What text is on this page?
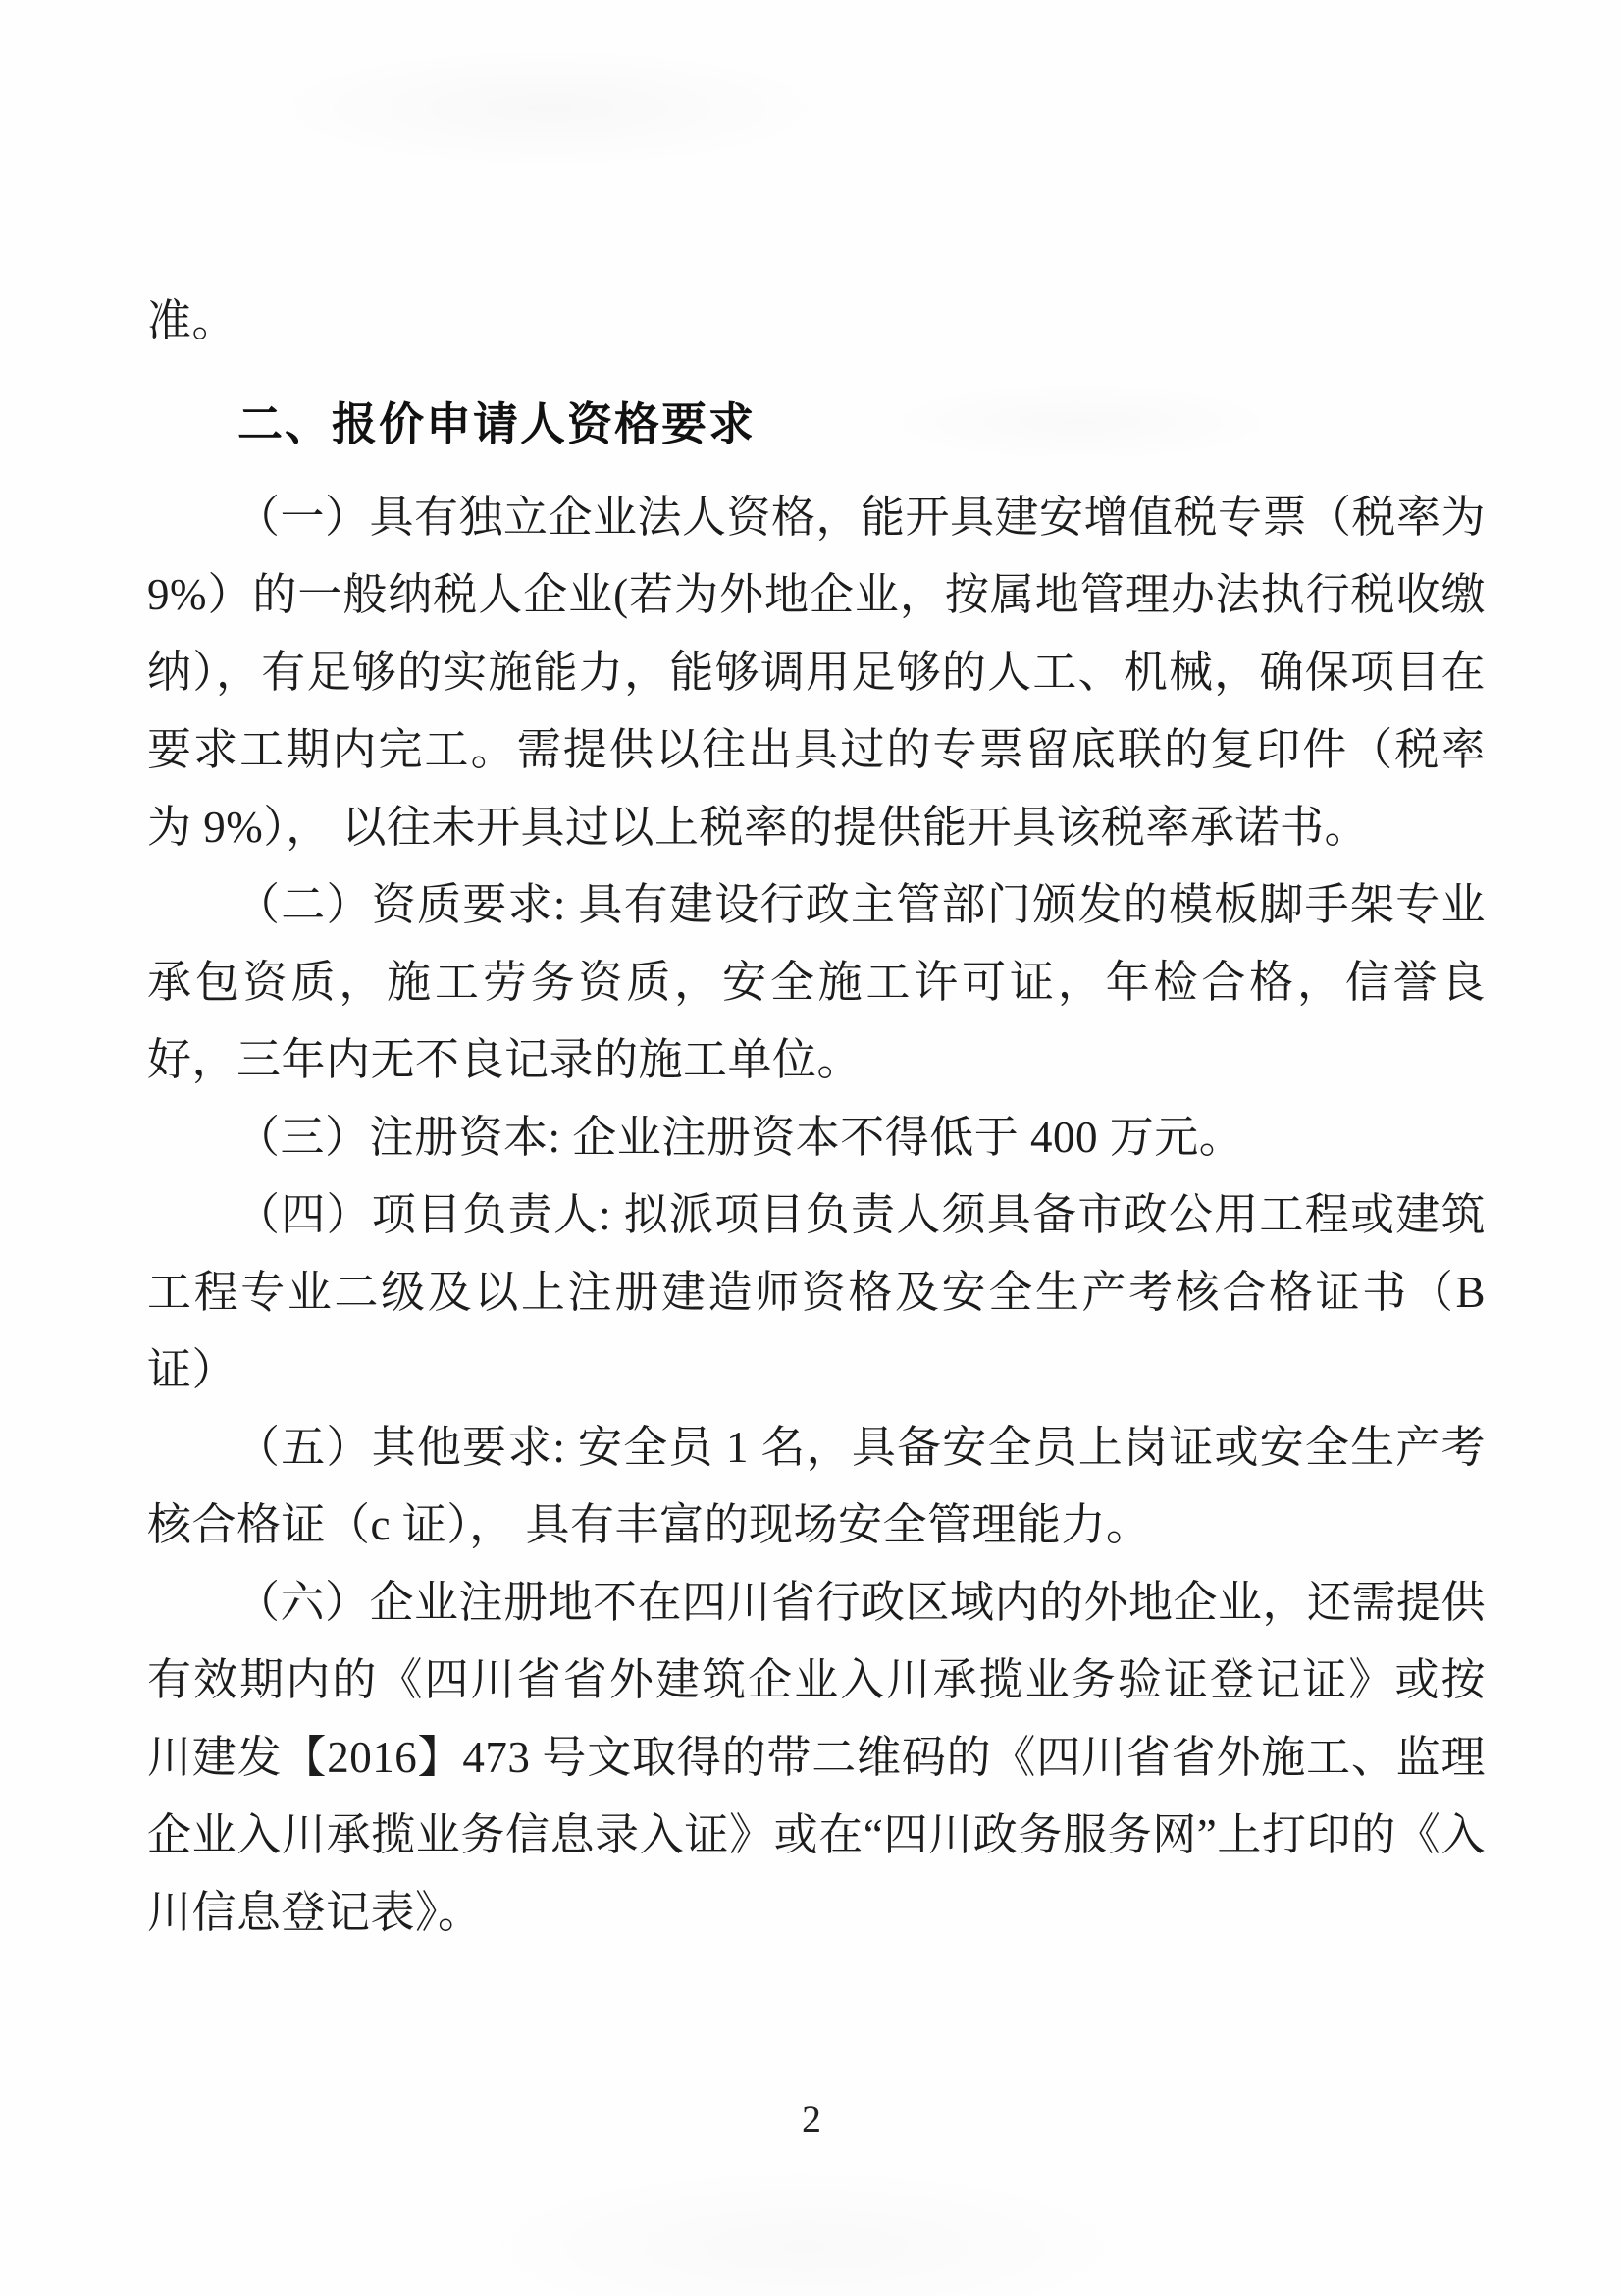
准。

二、报价申请人资格要求

（一）具有独立企业法人资格，能开具建安增值税专票（税率为 9%）的一般纳税人企业(若为外地企业，按属地管理办法执行税收缴纳），有足够的实施能力，能够调用足够的人工、机械，确保项目在要求工期内完工。需提供以往出具过的专票留底联的复印件（税率为 9%）， 以往未开具过以上税率的提供能开具该税率承诺书。

（二）资质要求: 具有建设行政主管部门颁发的模板脚手架专业承包资质，施工劳务资质，安全施工许可证，年检合格，信誉良好，三年内无不良记录的施工单位。

（三）注册资本: 企业注册资本不得低于 400 万元。

（四）项目负责人: 拟派项目负责人须具备市政公用工程或建筑工程专业二级及以上注册建造师资格及安全生产考核合格证书（B 证）

（五）其他要求: 安全员 1 名，具备安全员上岗证或安全生产考核合格证（c 证）， 具有丰富的现场安全管理能力。

（六）企业注册地不在四川省行政区域内的外地企业，还需提供有效期内的《四川省省外建筑企业入川承揽业务验证登记证》或按川建发【2016】473 号文取得的带二维码的《四川省省外施工、监理企业入川承揽业务信息录入证》或在“四川政务服务网”上打印的《入川信息登记表》。

2
